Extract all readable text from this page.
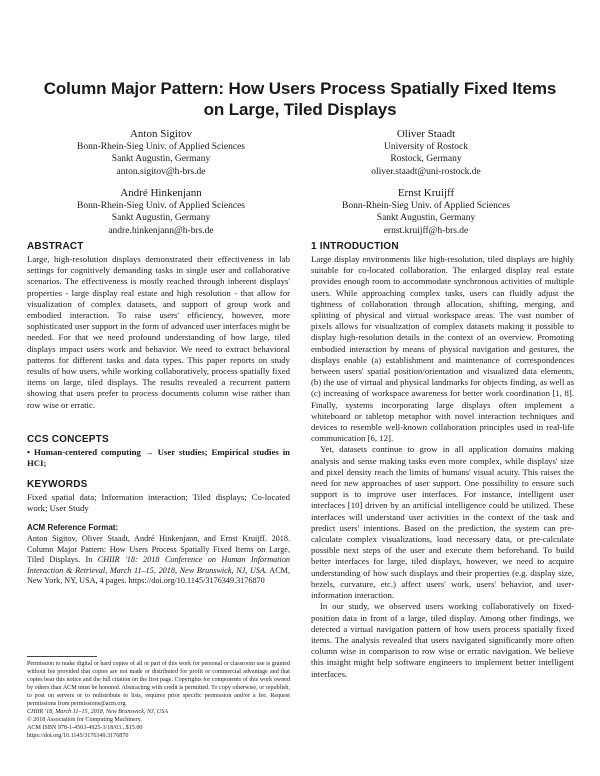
Column Major Pattern: How Users Process Spatially Fixed Items on Large, Tiled Displays
Anton Sigitov
Bonn-Rhein-Sieg Univ. of Applied Sciences
Sankt Augustin, Germany
anton.sigitov@h-brs.de
Oliver Staadt
University of Rostock
Rostock, Germany
oliver.staadt@uni-rostock.de
André Hinkenjann
Bonn-Rhein-Sieg Univ. of Applied Sciences
Sankt Augustin, Germany
andre.hinkenjann@h-brs.de
Ernst Kruijff
Bonn-Rhein-Sieg Univ. of Applied Sciences
Sankt Augustin, Germany
ernst.kruijff@h-brs.de
ABSTRACT

Large, high-resolution displays demonstrated their effectiveness in lab settings for cognitively demanding tasks in single user and collaborative scenarios. The effectiveness is mostly reached through inherent displays' properties - large display real estate and high resolution - that allow for visualization of complex datasets, and support of group work and embodied interaction. To raise users' efficiency, however, more sophisticated user support in the form of advanced user interfaces might be needed. For that we need profound understanding of how large, tiled displays impact users work and behavior. We need to extract behavioral patterns for different tasks and data types. This paper reports on study results of how users, while working collaboratively, process spatially fixed items on large, tiled displays. The results revealed a recurrent pattern showing that users prefer to process documents column wise rather than row wise or erratic.

CCS CONCEPTS

• Human-centered computing → User studies; Empirical studies in HCI;

KEYWORDS

Fixed spatial data; Information interaction; Tiled displays; Co-located work; User Study

ACM Reference Format:

Anton Sigitov, Oliver Staadt, André Hinkenjann, and Ernst Kruijff. 2018. Column Major Pattern: How Users Process Spatially Fixed Items on Large, Tiled Displays. In CHIIR '18: 2018 Conference on Human Information Interaction & Retrieval, March 11–15, 2018, New Brunswick, NJ, USA. ACM, New York, NY, USA, 4 pages. https://doi.org/10.1145/3176349.3176870

Permission to make digital or hard copies of all or part of this work for personal or classroom use is granted without fee provided that copies are not made or distributed for profit or commercial advantage and that copies bear this notice and the full citation on the first page. Copyrights for components of this work owned by others than ACM must be honored. Abstracting with credit is permitted. To copy otherwise, or republish, to post on servers or to redistribute to lists, requires prior specific permission and/or a fee. Request permissions from permissions@acm.org.
CHIIR '18, March 11–15, 2018, New Brunswick, NJ, USA
© 2018 Association for Computing Machinery.
ACM ISBN 978-1-4503-4925-3/18/03...$15.00
https://doi.org/10.1145/3176349.3176870
1 INTRODUCTION

Large display environments like high-resolution, tiled displays are highly suitable for co-located collaboration. The enlarged display real estate provides enough room to accommodate synchronous activities of multiple users. While approaching complex tasks, users can fluidly adjust the tightness of collaboration through allocation, shifting, merging, and splitting of physical and virtual workspace areas. The vast number of pixels allows for visualization of complex datasets making it possible to display high-resolution details in the context of an overview. Promoting embodied interaction by means of physical navigation and gestures, the displays enable (a) establishment and maintenance of correspondences between users' spatial position/orientation and visualized data elements, (b) the use of virtual and physical landmarks for objects finding, as well as (c) increasing of workspace awareness for better work coordination [1, 8]. Finally, systems incorporating large displays often implement a whiteboard or tabletop metaphor with novel interaction techniques and devices to resemble well-known collaboration principles used in real-life communication [6, 12].

Yet, datasets continue to grow in all application domains making analysis and sense making tasks even more complex, while displays' size and pixel density reach the limits of humans' visual acuity. This raises the need for new approaches of user support. One possibility to ensure such support is to improve user interfaces. For instance, intelligent user interfaces [10] driven by an artificial intelligence could be utilized. These interfaces will understand user activities in the context of the task and predict users' intentions. Based on the prediction, the system can pre-calculate complex visualizations, load necessary data, or pre-calculate possible next steps of the user and execute them beforehand. To build better interfaces for large, tiled displays, however, we need to acquire understanding of how such displays and their properties (e.g. display size, bezels, curvature, etc.) affect users' work, users' behavior, and user-information interaction.

In our study, we observed users working collaboratively on fixed-position data in front of a large, tiled display. Among other findings, we detected a virtual navigation pattern of how users process spatially fixed items. The analysis revealed that users navigated significantly more often column wise in comparison to row wise or erratic navigation. We believe this insight might help software engineers to implement better intelligent interfaces.
